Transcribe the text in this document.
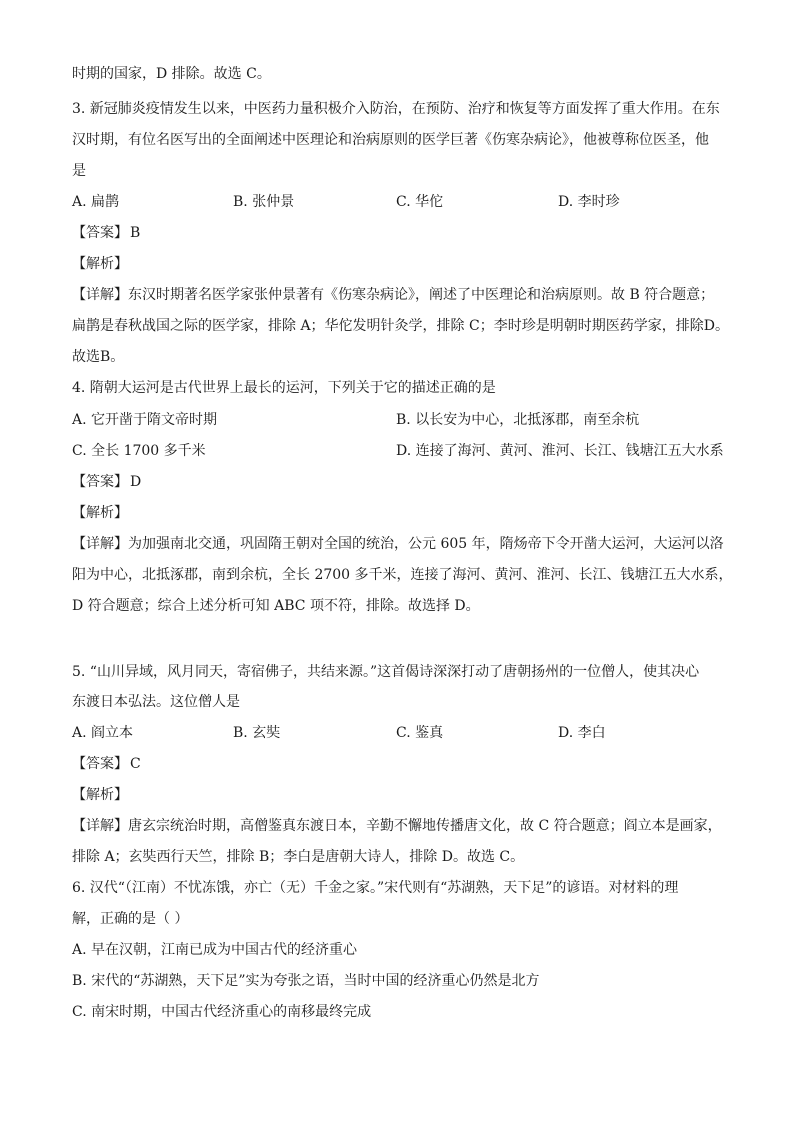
时期的国家，D 排除。故选 C。
3. 新冠肺炎疫情发生以来，中医药力量积极介入防治，在预防、治疗和恢复等方面发挥了重大作用。在东
汉时期，有位名医写出的全面阐述中医理论和治病原则的医学巨著《伤寒杂病论》，他被尊称位医圣，他
是
A. 扁鹊	B. 张仲景	C. 华佗	D. 李时珍
【答案】 B
【解析】
【详解】东汉时期著名医学家张仲景著有《伤寒杂病论》，阐述了中医理论和治病原则。故 B 符合题意；
扁鹊是春秋战国之际的医学家，排除 A；华佗发明针灸学，排除 C；李时珍是明朝时期医药学家，排除D。
故选B。
4. 隋朝大运河是古代世界上最长的运河，下列关于它的描述正确的是
A. 它开凿于隋文帝时期	B. 以长安为中心，北抵涿郡，南至余杭
C. 全长 1700 多千米	D. 连接了海河、黄河、淮河、长江、钱塘江五大水系
【答案】 D
【解析】
【详解】为加强南北交通，巩固隋王朝对全国的统治，公元 605 年，隋炀帝下令开凿大运河，大运河以洛
阳为中心，北抵涿郡，南到余杭，全长 2700 多千米，连接了海河、黄河、淮河、长江、钱塘江五大水系，
D 符合题意；综合上述分析可知 ABC 项不符，排除。故选择 D。
5. “山川异域，风月同天，寄宿佛子，共结来源。”这首偈诗深深打动了唐朝扬州的一位僧人，使其决心
东渡日本弘法。这位僧人是
A. 阎立本	B. 玄奘	C. 鉴真	D. 李白
【答案】 C
【解析】
【详解】唐玄宗统治时期，高僧鉴真东渡日本，辛勤不懈地传播唐文化，故 C 符合题意；阎立本是画家，
排除 A；玄奘西行天竺，排除 B；李白是唐朝大诗人，排除 D。故选 C。
6. 汉代“（江南）不忧冻饿，亦亡（无）千金之家。”宋代则有“苏湖熟，天下足”的谚语。对材料的理
解，正确的是（ ）
A. 早在汉朝，江南已成为中国古代的经济重心
B. 宋代的“苏湖熟，天下足”实为夸张之语，当时中国的经济重心仍然是北方
C. 南宋时期，中国古代经济重心的南移最终完成
